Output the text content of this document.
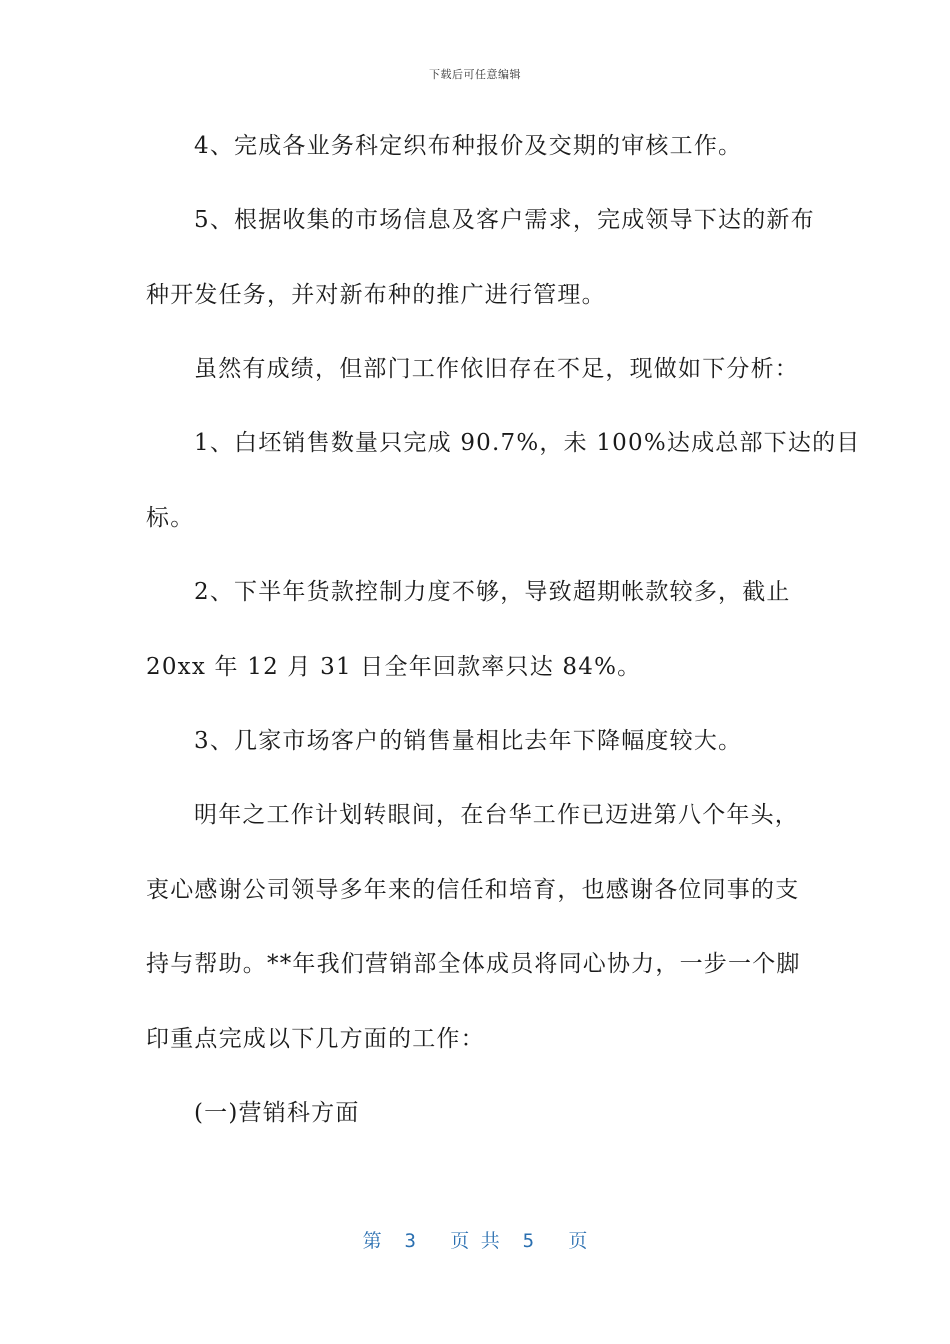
下载后可任意编辑
4、完成各业务科定织布种报价及交期的审核工作。
5、根据收集的市场信息及客户需求，完成领导下达的新布
种开发任务，并对新布种的推广进行管理。
虽然有成绩，但部门工作依旧存在不足，现做如下分析：
1、白坯销售数量只完成 90.7%，未 100%达成总部下达的目
标。
2、下半年货款控制力度不够，导致超期帐款较多，截止
20xx 年 12 月 31 日全年回款率只达 84%。
3、几家市场客户的销售量相比去年下降幅度较大。
明年之工作计划转眼间，在台华工作已迈进第八个年头，
衷心感谢公司领导多年来的信任和培育，也感谢各位同事的支
持与帮助。**年我们营销部全体成员将同心协力，一步一个脚
印重点完成以下几方面的工作：
(一)营销科方面
第  3   页 共  5   页
